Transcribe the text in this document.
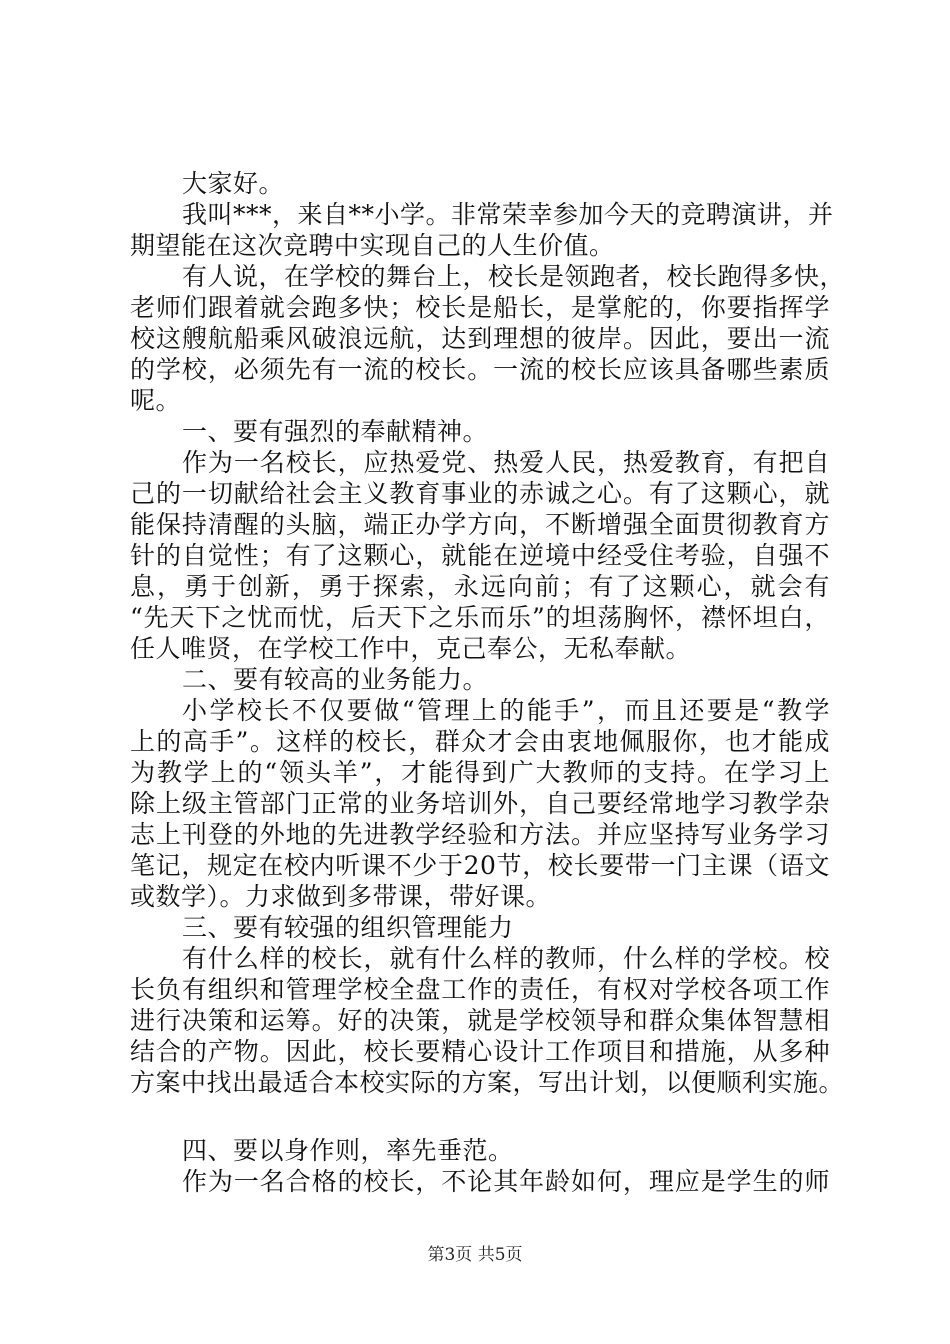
大家好。
我叫***，来自**小学。非常荣幸参加今天的竞聘演讲，并
期望能在这次竞聘中实现自己的人生价值。
有人说，在学校的舞台上，校长是领跑者，校长跑得多快，
老师们跟着就会跑多快；校长是船长，是掌舵的，你要指挥学
校这艘航船乘风破浪远航，达到理想的彼岸。因此，要出一流
的学校，必须先有一流的校长。一流的校长应该具备哪些素质
呢。
一、要有强烈的奉献精神。
作为一名校长，应热爱党、热爱人民，热爱教育，有把自
己的一切献给社会主义教育事业的赤诚之心。有了这颗心，就
能保持清醒的头脑，端正办学方向，不断增强全面贯彻教育方
针的自觉性；有了这颗心，就能在逆境中经受住考验，自强不
息，勇于创新，勇于探索，永远向前；有了这颗心，就会有
“先天下之忧而忧，后天下之乐而乐”的坦荡胸怀，襟怀坦白，
任人唯贤，在学校工作中，克己奉公，无私奉献。
二、要有较高的业务能力。
小学校长不仅要做“管理上的能手”，而且还要是“教学
上的高手”。这样的校长，群众才会由衷地佩服你，也才能成
为教学上的“领头羊”，才能得到广大教师的支持。在学习上
除上级主管部门正常的业务培训外，自己要经常地学习教学杂
志上刊登的外地的先进教学经验和方法。并应坚持写业务学习
笔记，规定在校内听课不少于20节，校长要带一门主课（语文
或数学）。力求做到多带课，带好课。
三、要有较强的组织管理能力
有什么样的校长，就有什么样的教师，什么样的学校。校
长负有组织和管理学校全盘工作的责任，有权对学校各项工作
进行决策和运筹。好的决策，就是学校领导和群众集体智慧相
结合的产物。因此，校长要精心设计工作项目和措施，从多种
方案中找出最适合本校实际的方案，写出计划，以便顺利实施。
四、要以身作则，率先垂范。
作为一名合格的校长，不论其年龄如何，理应是学生的师
第3页 共5页
